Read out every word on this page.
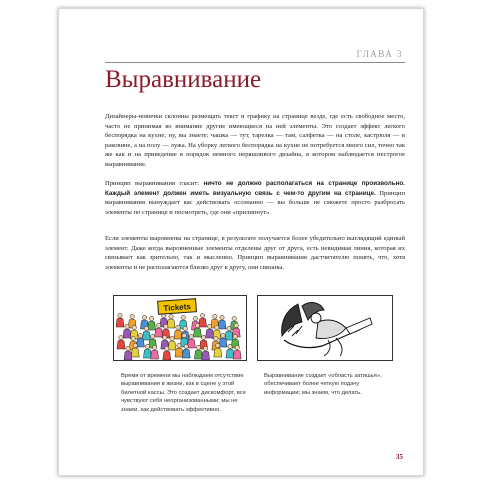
ГЛАВА 3
Выравнивание
Дизайнеры-новички склонны размещать текст и графику на странице везде, где есть свободное место, часто не принимая во внимание другие имеющиеся на ней элементы. Это создает эффект легкого беспорядка на кухне; ну, вы знаете: чашка — тут, тарелка — там, салфетка — на столе, кастрюля — в раковине, а на полу — лужа. На уборку легкого беспорядка на кухне не потребуется много сил, точно так же как и на приведение в порядок немного неряшливого дизайна, в котором наблюдается нестрогое выравнивание.
Принцип выравнивания гласит: ничто не должно располагаться на странице произвольно. Каждый элемент должен иметь визуальную связь с чем-то другим на странице. Принцип выравнивания вынуждает вас действовать осознанно — вы больше не сможете просто разбросать элементы по странице и посмотреть, где они «прилипнут».
Если элементы выровнены на странице, в результате получается более убедительно выглядящий единый элемент. Даже когда выровненные элементы отделены друг от друга, есть невидимая линия, которая их связывает как зрительно, так и мысленно. Принцип выравнивания дастчитателю понять, что, хотя элементы и не располагаются близко друг к другу, они связаны.
Tickets
Время от времени мы наблюдаем отсутствие выравнивания в жизни, как в сцене у этой билетной кассы. Это создает дискомфорт, все чувствуют себя неорганизованными; мы не знаем, как действовать эффективно.
Выравнивание создает «область затишья», обеспечивает более четкую подачу информации; мы знаем, что делать.
35
